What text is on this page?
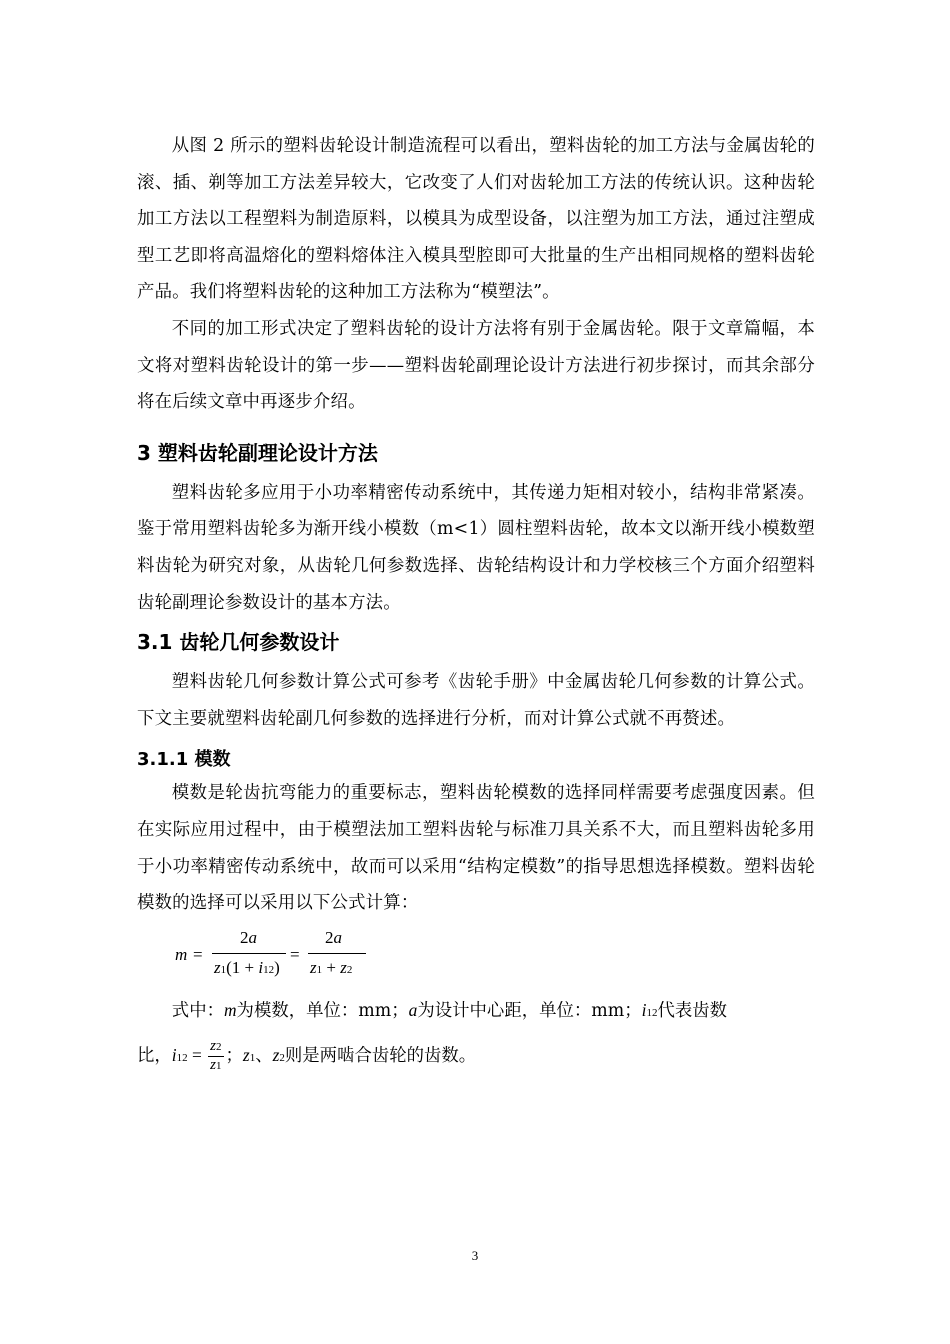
从图 2 所示的塑料齿轮设计制造流程可以看出，塑料齿轮的加工方法与金属齿轮的滚、插、剃等加工方法差异较大，它改变了人们对齿轮加工方法的传统认识。这种齿轮加工方法以工程塑料为制造原料，以模具为成型设备，以注塑为加工方法，通过注塑成型工艺即将高温熔化的塑料熔体注入模具型腔即可大批量的生产出相同规格的塑料齿轮产品。我们将塑料齿轮的这种加工方法称为“模塑法”。

不同的加工形式决定了塑料齿轮的设计方法将有别于金属齿轮。限于文章篇幅，本文将对塑料齿轮设计的第一步——塑料齿轮副理论设计方法进行初步探讨，而其余部分将在后续文章中再逐步介绍。

3 塑料齿轮副理论设计方法

塑料齿轮多应用于小功率精密传动系统中，其传递力矩相对较小，结构非常紧凑。鉴于常用塑料齿轮多为渐开线小模数（m<1）圆柱塑料齿轮，故本文以渐开线小模数塑料齿轮为研究对象，从齿轮几何参数选择、齿轮结构设计和力学校核三个方面介绍塑料齿轮副理论参数设计的基本方法。

3.1 齿轮几何参数设计

塑料齿轮几何参数计算公式可参考《齿轮手册》中金属齿轮几何参数的计算公式。下文主要就塑料齿轮副几何参数的选择进行分析，而对计算公式就不再赘述。

3.1.1 模数

模数是轮齿抗弯能力的重要标志，塑料齿轮模数的选择同样需要考虑强度因素。但在实际应用过程中，由于模塑法加工塑料齿轮与标准刀具关系不大，而且塑料齿轮多用于小功率精密传动系统中，故而可以采用“结构定模数”的指导思想选择模数。塑料齿轮模数的选择可以采用以下公式计算：

m =
2a
z1(1 + i12)
=
2a
z1 + z2

式中：m为模数，单位：mm；a为设计中心距，单位：mm；i12代表齿数

比，$i12 = \frac{z2}{z1}$ ；z1、z2则是两啮合齿轮的齿数。

3
